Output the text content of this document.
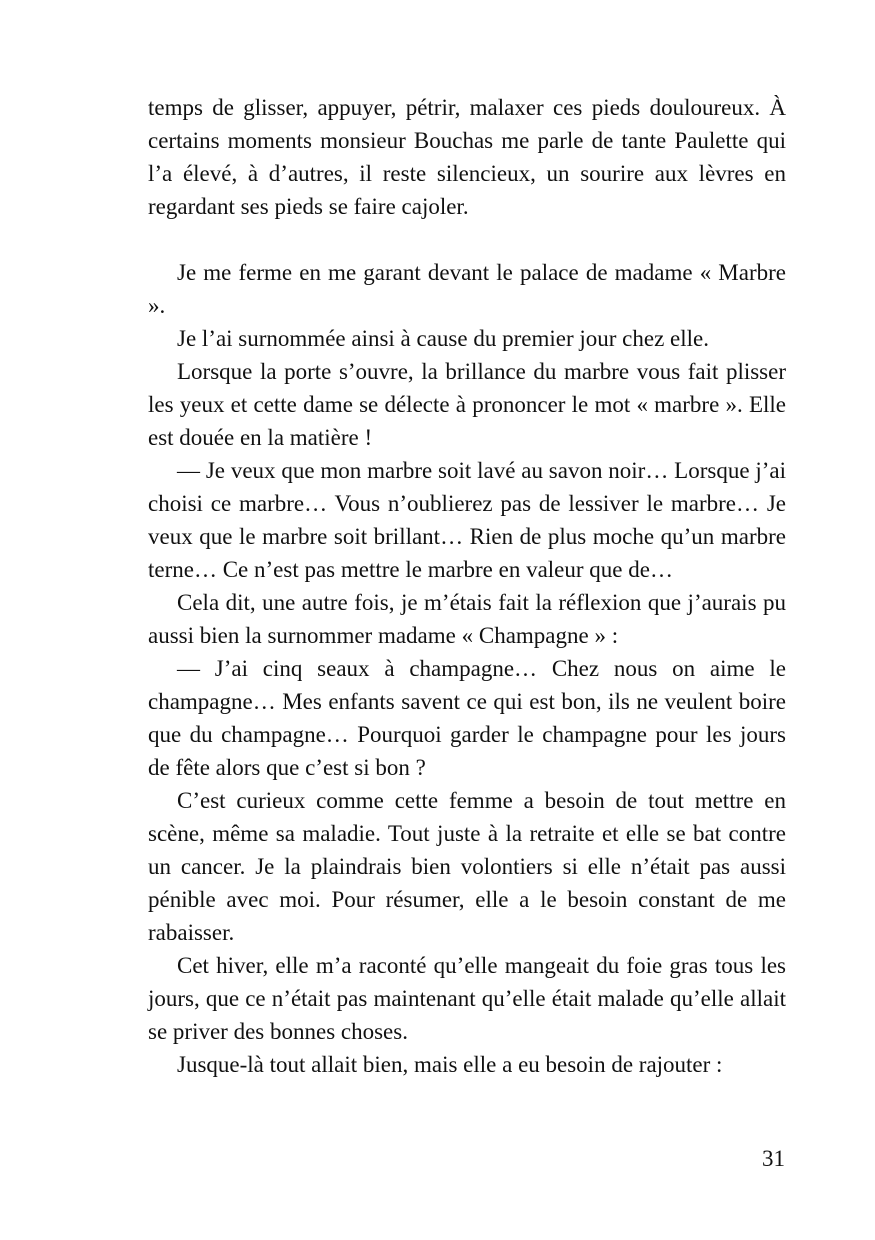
temps de glisser, appuyer, pétrir, malaxer ces pieds douloureux. À certains moments monsieur Bouchas me parle de tante Paulette qui l’a élevé, à d’autres, il reste silencieux, un sourire aux lèvres en regardant ses pieds se faire cajoler.

Je me ferme en me garant devant le palace de madame « Marbre ».

Je l’ai surnommée ainsi à cause du premier jour chez elle.

Lorsque la porte s’ouvre, la brillance du marbre vous fait plisser les yeux et cette dame se délecte à prononcer le mot « marbre ». Elle est douée en la matière !

— Je veux que mon marbre soit lavé au savon noir… Lorsque j’ai choisi ce marbre… Vous n’oublierez pas de lessiver le marbre… Je veux que le marbre soit brillant… Rien de plus moche qu’un marbre terne… Ce n’est pas mettre le marbre en valeur que de…

Cela dit, une autre fois, je m’étais fait la réflexion que j’aurais pu aussi bien la surnommer madame « Champagne » :

— J’ai cinq seaux à champagne… Chez nous on aime le champagne… Mes enfants savent ce qui est bon, ils ne veulent boire que du champagne… Pourquoi garder le champagne pour les jours de fête alors que c’est si bon ?

C’est curieux comme cette femme a besoin de tout mettre en scène, même sa maladie. Tout juste à la retraite et elle se bat contre un cancer. Je la plaindrais bien volontiers si elle n’était pas aussi pénible avec moi. Pour résumer, elle a le besoin constant de me rabaisser.

Cet hiver, elle m’a raconté qu’elle mangeait du foie gras tous les jours, que ce n’était pas maintenant qu’elle était malade qu’elle allait se priver des bonnes choses.

Jusque-là tout allait bien, mais elle a eu besoin de rajouter :

31
